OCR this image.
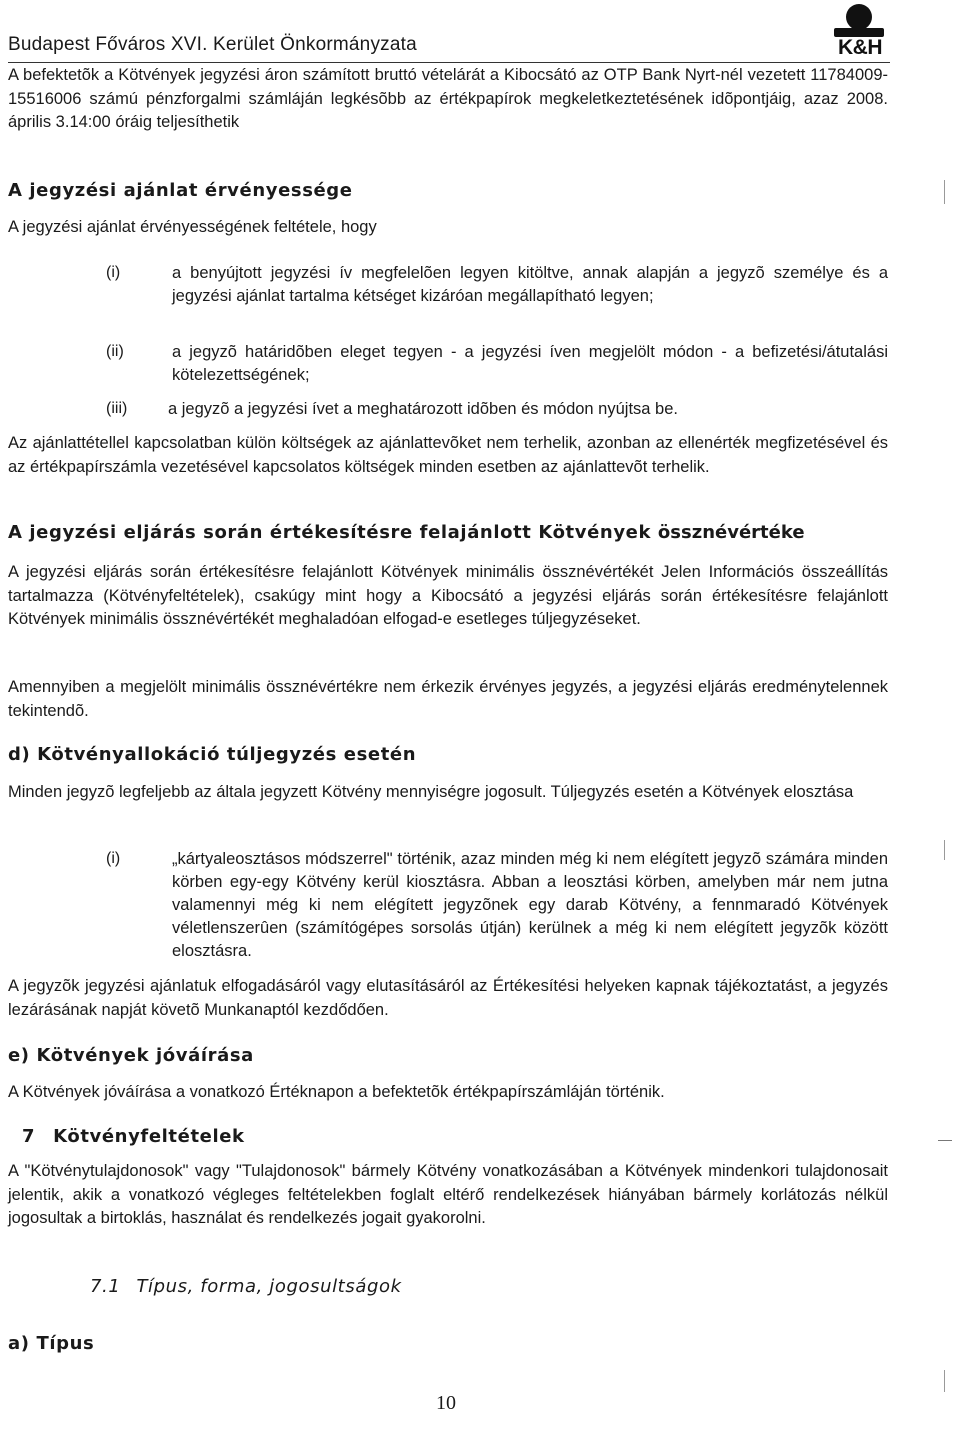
Budapest Főváros XVI. Kerület Önkormányzata	K&H

A befektetõk a Kötvények jegyzési áron számított bruttó vételárát a Kibocsátó az OTP Bank Nyrt-nél vezetett 11784009-15516006 számú pénzforgalmi számláján legkésõbb az értékpapírok megkeletkeztetésének idõpontjáig, azaz 2008. április 3.14:00 óráig teljesíthetik

A jegyzési ajánlat érvényessége

A jegyzési ajánlat érvényességének feltétele, hogy

(i)	a benyújtott jegyzési ív megfelelõen legyen kitöltve, annak alapján a jegyzõ személye és a jegyzési ajánlat tartalma kétséget kizáróan megállapítható legyen;

(ii)	a jegyzõ határidõben eleget tegyen - a jegyzési íven megjelölt módon - a befizetési/átutalási kötelezettségének;

(iii) a jegyzõ a jegyzési ívet a meghatározott idõben és módon nyújtsa be.

Az ajánlattétellel kapcsolatban külön költségek az ajánlattevõket nem terhelik, azonban az ellenérték megfizetésével és az értékpapírszámla vezetésével kapcsolatos költségek minden esetben az ajánlattevõt terhelik.

A jegyzési eljárás során értékesítésre felajánlott Kötvények össznévértéke

A jegyzési eljárás során értékesítésre felajánlott Kötvények minimális össznévértékét Jelen Információs összeállítás tartalmazza (Kötvényfeltételek), csakúgy mint hogy a Kibocsátó a jegyzési eljárás során értékesítésre felajánlott Kötvények minimális össznévértékét meghaladóan elfogad-e esetleges túljegyzéseket.

Amennyiben a megjelölt minimális össznévértékre nem érkezik érvényes jegyzés, a jegyzési eljárás eredménytelennek tekintendõ.

d) Kötvényallokáció túljegyzés esetén

Minden jegyzõ legfeljebb az általa jegyzett Kötvény mennyiségre jogosult. Túljegyzés esetén a Kötvények elosztása

(i)	„kártyaleosztásos módszerrel" történik, azaz minden még ki nem elégített jegyzõ számára minden körben egy-egy Kötvény kerül kiosztásra. Abban a leosztási körben, amelyben már nem jutna valamennyi még ki nem elégített jegyzõnek egy darab Kötvény, a fennmaradó Kötvények véletlenszerûen (számítógépes sorsolás útján) kerülnek a még ki nem elégített jegyzõk között elosztásra.

A jegyzõk jegyzési ajánlatuk elfogadásáról vagy elutasításáról az Értékesítési helyeken kapnak tájékoztatást, a jegyzés lezárásának napját követõ Munkanaptól kezdődően.

e) Kötvények jóváírása

A Kötvények jóváírása a vonatkozó Értéknapon a befektetõk értékpapírszámláján történik.

7 Kötvényfeltételek

A "Kötvénytulajdonosok" vagy "Tulajdonosok" bármely Kötvény vonatkozásában a Kötvények mindenkori tulajdonosait jelentik, akik a vonatkozó végleges feltételekben foglalt eltérő rendelkezések hiányában bármely korlátozás nélkül jogosultak a birtoklás, használat és rendelkezés jogait gyakorolni.

7.1 Típus, forma, jogosultságok
a) Típus
10
